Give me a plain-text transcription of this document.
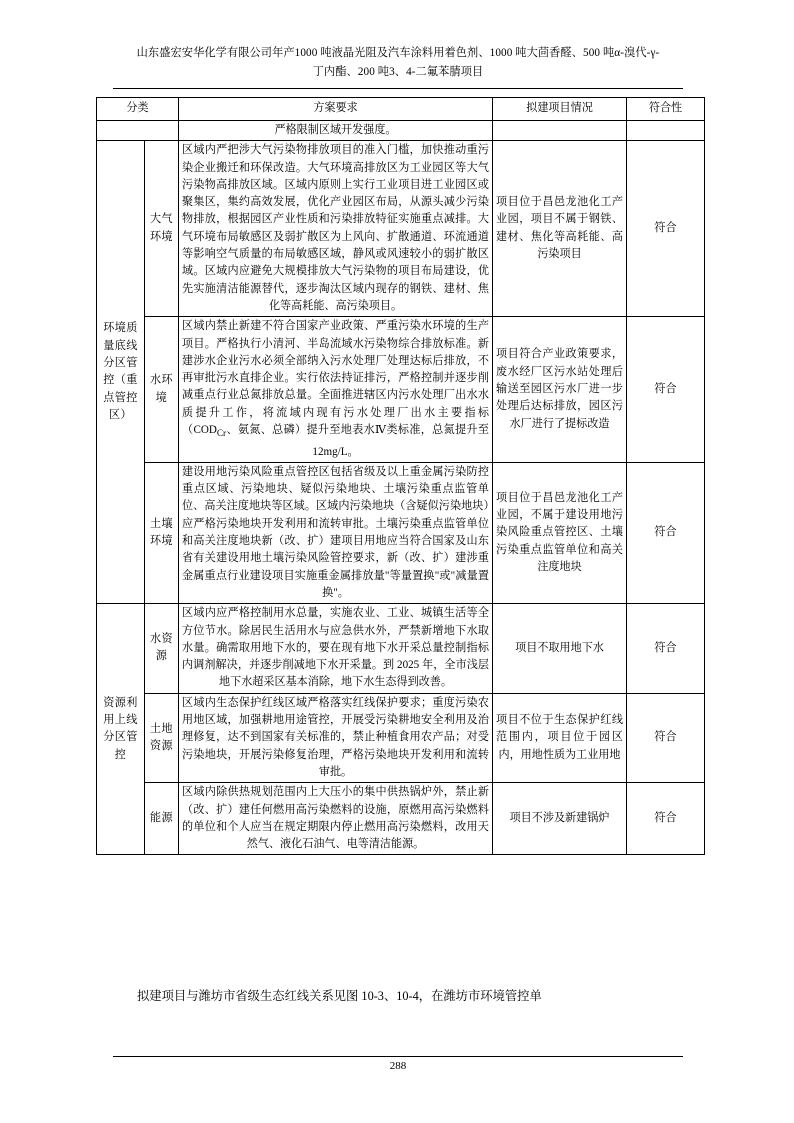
山东盛宏安华化学有限公司年产1000 吨液晶光阻及汽车涂料用着色剂、1000 吨大茴香醛、500 吨α-溴代-γ-
丁内酯、200 吨3、4-二氟苯腈项目
分类		方案要求	拟建项目情况	符合性
		严格限制区域开发强度。		

环境质量底线分区管控（重点管控区）	大气环境	区域内严把涉大气污染物排放项目的准入门槛，加快推动重污染企业搬迁和环保改造。大气环境高排放区为工业园区等大气污染物高排放区域。区域内原则上实行工业项目进工业园区或聚集区，集约高效发展，优化产业园区布局，从源头减少污染物排放，根据园区产业性质和污染排放特征实施重点减排。大气环境布局敏感区及弱扩散区为上风向、扩散通道、环流通道等影响空气质量的布局敏感区域，静风或风速较小的弱扩散区域。区域内应避免大规模排放大气污染物的项目布局建设，优先实施清洁能源替代，逐步淘汰区域内现存的钢铁、建材、焦化等高耗能、高污染项目。	项目位于昌邑龙池化工产业园，项目不属于钢铁、建材、焦化等高耗能、高污染项目	符合

	水环境	区域内禁止新建不符合国家产业政策、严重污染水环境的生产项目。严格执行小清河、半岛流域水污染物综合排放标准。新建涉水企业污水必须全部纳入污水处理厂处理达标后排放，不再审批污水直排企业。实行依法持证排污，严格控制并逐步削减重点行业总氮排放总量。全面推进辖区内污水处理厂出水水质提升工作，将流域内现有污水处理厂出水主要指标（$COD_{Cr}$、氨氮、总磷）提升至地表水Ⅳ类标准，总氮提升至 12mg/L。	项目符合产业政策要求，废水经厂区污水站处理后输送至园区污水厂进一步处理后达标排放，园区污水厂进行了提标改造	符合

	土壤环境	建设用地污染风险重点管控区包括省级及以上重金属污染防控重点区域、污染地块、疑似污染地块、土壤污染重点监管单位、高关注度地块等区域。区域内污染地块（含疑似污染地块）应严格污染地块开发利用和流转审批。土壤污染重点监管单位和高关注度地块新（改、扩）建项目用地应当符合国家及山东省有关建设用地土壤污染风险管控要求，新（改、扩）建涉重金属重点行业建设项目实施重金属排放量"等量置换"或"减量置换"。	项目位于昌邑龙池化工产业园，不属于建设用地污染风险重点管控区、土壤污染重点监管单位和高关注度地块	符合

资源利用上线分区管控	水资源	区域内应严格控制用水总量，实施农业、工业、城镇生活等全方位节水。除居民生活用水与应急供水外，严禁新增地下水取水量。确需取用地下水的，要在现有地下水开采总量控制指标内调剂解决，并逐步削减地下水开采量。到 2025 年，全市浅层地下水超采区基本消除，地下水生态得到改善。	项目不取用地下水	符合

	土地资源	区域内生态保护红线区域严格落实红线保护要求；重度污染农用地区域，加强耕地用途管控，开展受污染耕地安全利用及治理修复，达不到国家有关标准的，禁止种植食用农产品；对受污染地块，开展污染修复治理，严格污染地块开发利用和流转审批。	项目不位于生态保护红线范围内，项目位于园区内，用地性质为工业用地	符合

	能源	区域内除供热规划范围内上大压小的集中供热锅炉外，禁止新（改、扩）建任何燃用高污染燃料的设施，原燃用高污染燃料的单位和个人应当在规定期限内停止燃用高污染燃料，改用天然气、液化石油气、电等清洁能源。	项目不涉及新建锅炉	符合
拟建项目与潍坊市省级生态红线关系见图 10-3、10-4，在潍坊市环境管控单
288
